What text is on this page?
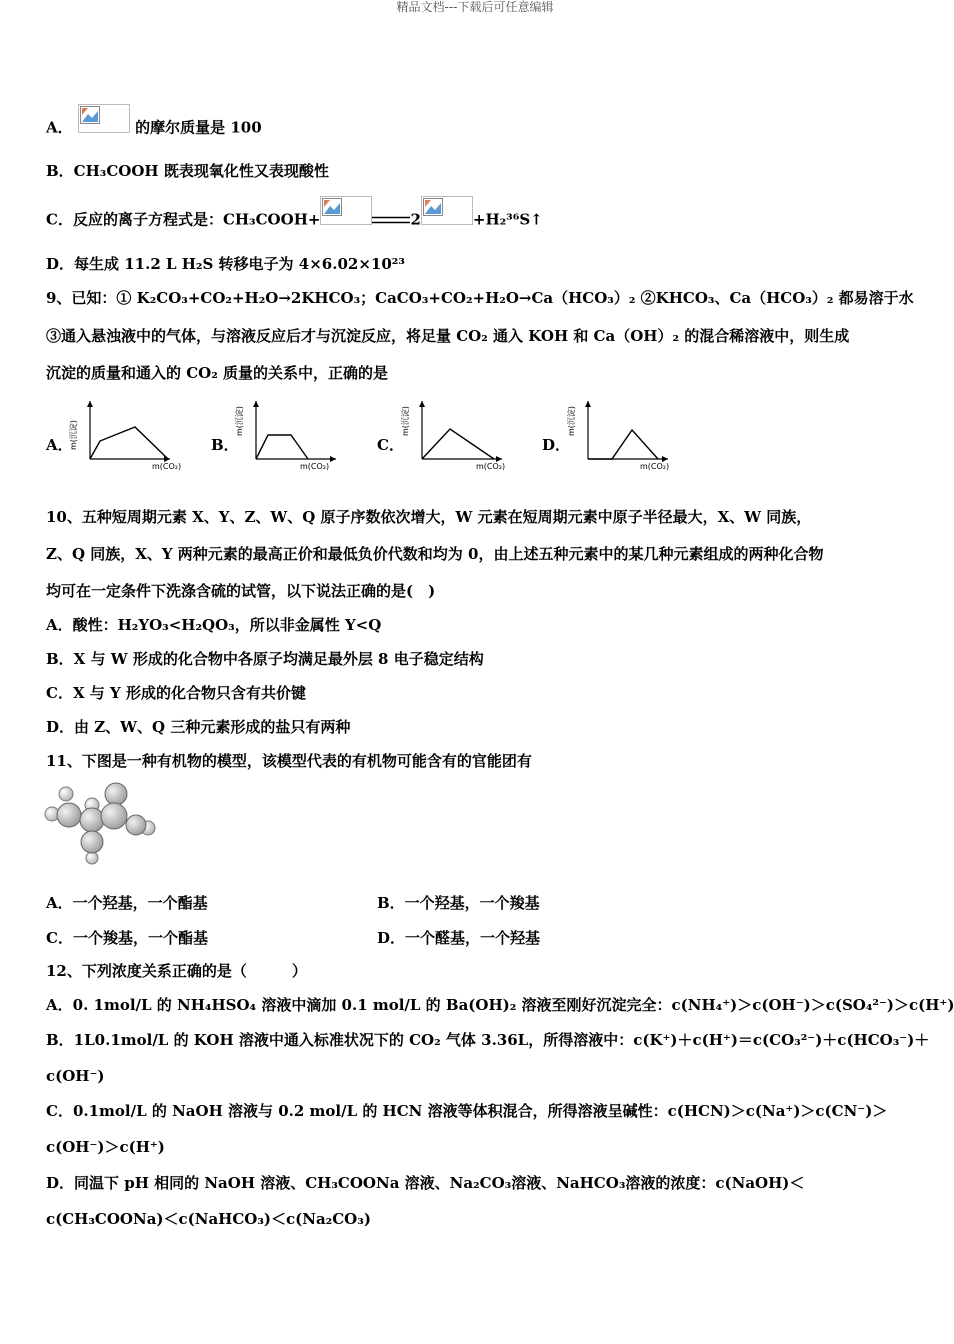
精品文档---下载后可任意编辑
A．	的摩尔质量是 100
B．CH₃COOH 既表现氧化性又表现酸性
C．反应的离子方程式是：CH₃COOH+	2	+H₂³⁶S↑
D．每生成 11.2 L H₂S 转移电子为 4×6.02×10²³
9、已知：① K₂CO₃+CO₂+H₂O→2KHCO₃；CaCO₃+CO₂+H₂O→Ca（HCO₃）₂ ②KHCO₃、Ca（HCO₃）₂ 都易溶于水
③通入悬浊液中的气体，与溶液反应后才与沉淀反应，将足量 CO₂ 通入 KOH 和 Ca（OH）₂ 的混合稀溶液中，则生成
沉淀的质量和通入的 CO₂ 质量的关系中，正确的是
A．
m(沉淀)
m(CO₂)
B．
m(沉淀)
m(CO₂)
C．
m(沉淀)
m(CO₂)
D．
m(沉淀)
m(CO₂)
10、五种短周期元素 X、Y、Z、W、Q 原子序数依次增大，W 元素在短周期元素中原子半径最大，X、W 同族，
Z、Q 同族，X、Y 两种元素的最高正价和最低负价代数和均为 0，由上述五种元素中的某几种元素组成的两种化合物
均可在一定条件下洗涤含硫的试管，以下说法正确的是(　)
A．酸性：H₂YO₃<H₂QO₃，所以非金属性 Y<Q
B．X 与 W 形成的化合物中各原子均满足最外层 8 电子稳定结构
C．X 与 Y 形成的化合物只含有共价键
D．由 Z、W、Q 三种元素形成的盐只有两种
11、下图是一种有机物的模型，该模型代表的有机物可能含有的官能团有
A．一个羟基，一个酯基	B．一个羟基，一个羧基
C．一个羧基，一个酯基	D．一个醛基，一个羟基
12、下列浓度关系正确的是（　　　）
A．0. 1mol/L 的 NH₄HSO₄ 溶液中滴加 0.1 mol/L 的 Ba(OH)₂ 溶液至刚好沉淀完全：c(NH₄⁺)＞c(OH⁻)＞c(SO₄²⁻)＞c(H⁺)
B．1L0.1mol/L 的 KOH 溶液中通入标准状况下的 CO₂ 气体 3.36L，所得溶液中：c(K⁺)＋c(H⁺)＝c(CO₃²⁻)＋c(HCO₃⁻)＋
c(OH⁻)
C．0.1mol/L 的 NaOH 溶液与 0.2 mol/L 的 HCN 溶液等体积混合，所得溶液呈碱性：c(HCN)＞c(Na⁺)＞c(CN⁻)＞
c(OH⁻)＞c(H⁺)
D．同温下 pH 相同的 NaOH 溶液、CH₃COONa 溶液、Na₂CO₃溶液、NaHCO₃溶液的浓度：c(NaOH)＜
c(CH₃COONa)＜c(NaHCO₃)＜c(Na₂CO₃)
